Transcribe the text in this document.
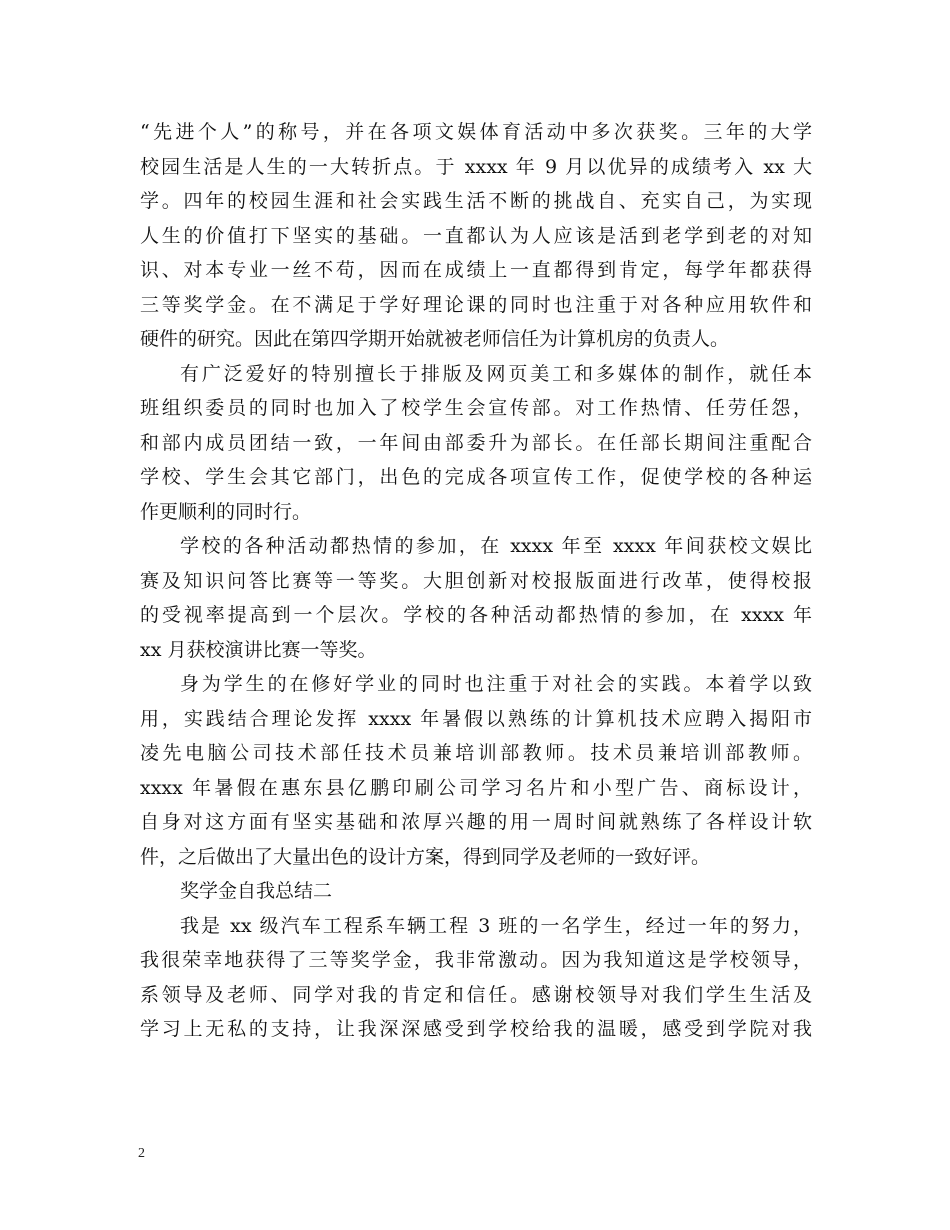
“先进个人”的称号，并在各项文娱体育活动中多次获奖。三年的大学
校园生活是人生的一大转折点。于 xxxx 年 9 月以优异的成绩考入 xx 大
学。四年的校园生涯和社会实践生活不断的挑战自、充实自己，为实现
人生的价值打下坚实的基础。一直都认为人应该是活到老学到老的对知
识、对本专业一丝不苟，因而在成绩上一直都得到肯定，每学年都获得
三等奖学金。在不满足于学好理论课的同时也注重于对各种应用软件和
硬件的研究。因此在第四学期开始就被老师信任为计算机房的负责人。
有广泛爱好的特别擅长于排版及网页美工和多媒体的制作，就任本
班组织委员的同时也加入了校学生会宣传部。对工作热情、任劳任怨，
和部内成员团结一致，一年间由部委升为部长。在任部长期间注重配合
学校、学生会其它部门，出色的完成各项宣传工作，促使学校的各种运
作更顺利的同时行。
学校的各种活动都热情的参加，在 xxxx 年至 xxxx 年间获校文娱比
赛及知识问答比赛等一等奖。大胆创新对校报版面进行改革，使得校报
的受视率提高到一个层次。学校的各种活动都热情的参加，在 xxxx 年
xx 月获校演讲比赛一等奖。
身为学生的在修好学业的同时也注重于对社会的实践。本着学以致
用，实践结合理论发挥 xxxx 年暑假以熟练的计算机技术应聘入揭阳市
凌先电脑公司技术部任技术员兼培训部教师。技术员兼培训部教师。
xxxx 年暑假在惠东县亿鹏印刷公司学习名片和小型广告、商标设计，
自身对这方面有坚实基础和浓厚兴趣的用一周时间就熟练了各样设计软
件，之后做出了大量出色的设计方案，得到同学及老师的一致好评。
奖学金自我总结二
我是 xx 级汽车工程系车辆工程 3 班的一名学生，经过一年的努力，
我很荣幸地获得了三等奖学金，我非常激动。因为我知道这是学校领导，
系领导及老师、同学对我的肯定和信任。感谢校领导对我们学生生活及
学习上无私的支持，让我深深感受到学校给我的温暖，感受到学院对我
2
